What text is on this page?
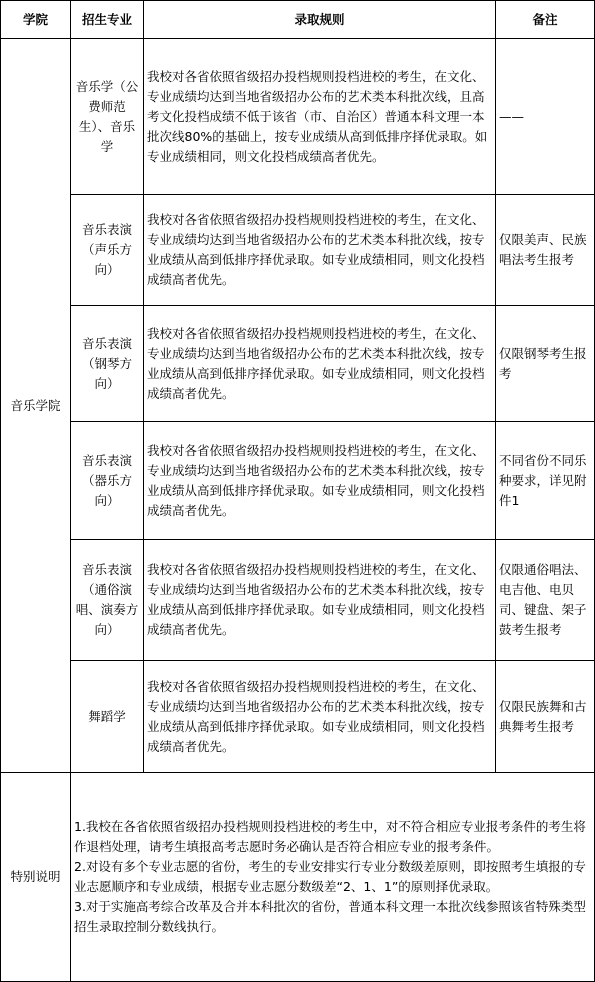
学院	招生专业	录取规则	备注
音乐学院	音乐学（公费师范生）、音乐学	我校对各省依照省级招办投档规则投档进校的考生，在文化、专业成绩均达到当地省级招办公布的艺术类本科批次线，且高考文化投档成绩不低于该省（市、自治区）普通本科文理一本批次线80%的基础上，按专业成绩从高到低排序择优录取。如专业成绩相同，则文化投档成绩高者优先。	——
	音乐表演（声乐方向）	我校对各省依照省级招办投档规则投档进校的考生，在文化、专业成绩均达到当地省级招办公布的艺术类本科批次线，按专业成绩从高到低排序择优录取。如专业成绩相同，则文化投档成绩高者优先。	仅限美声、民族唱法考生报考
	音乐表演（钢琴方向）	我校对各省依照省级招办投档规则投档进校的考生，在文化、专业成绩均达到当地省级招办公布的艺术类本科批次线，按专业成绩从高到低排序择优录取。如专业成绩相同，则文化投档成绩高者优先。	仅限钢琴考生报考
	音乐表演（器乐方向）	我校对各省依照省级招办投档规则投档进校的考生，在文化、专业成绩均达到当地省级招办公布的艺术类本科批次线，按专业成绩从高到低排序择优录取。如专业成绩相同，则文化投档成绩高者优先。	不同省份不同乐种要求，详见附件1
	音乐表演（通俗演唱、演奏方向）	我校对各省依照省级招办投档规则投档进校的考生，在文化、专业成绩均达到当地省级招办公布的艺术类本科批次线，按专业成绩从高到低排序择优录取。如专业成绩相同，则文化投档成绩高者优先。	仅限通俗唱法、电吉他、电贝司、键盘、架子鼓考生报考
	舞蹈学	我校对各省依照省级招办投档规则投档进校的考生，在文化、专业成绩均达到当地省级招办公布的艺术类本科批次线，按专业成绩从高到低排序择优录取。如专业成绩相同，则文化投档成绩高者优先。	仅限民族舞和古典舞考生报考
特别说明	1.我校在各省依照省级招办投档规则投档进校的考生中，对不符合相应专业报考条件的考生将作退档处理，请考生填报高考志愿时务必确认是否符合相应专业的报考条件。
2.对设有多个专业志愿的省份，考生的专业安排实行专业分数级差原则，即按照考生填报的专业志愿顺序和专业成绩，根据专业志愿分数级差“2、1、1”的原则择优录取。
3.对于实施高考综合改革及合并本科批次的省份，普通本科文理一本批次线参照该省特殊类型招生录取控制分数线执行。		
